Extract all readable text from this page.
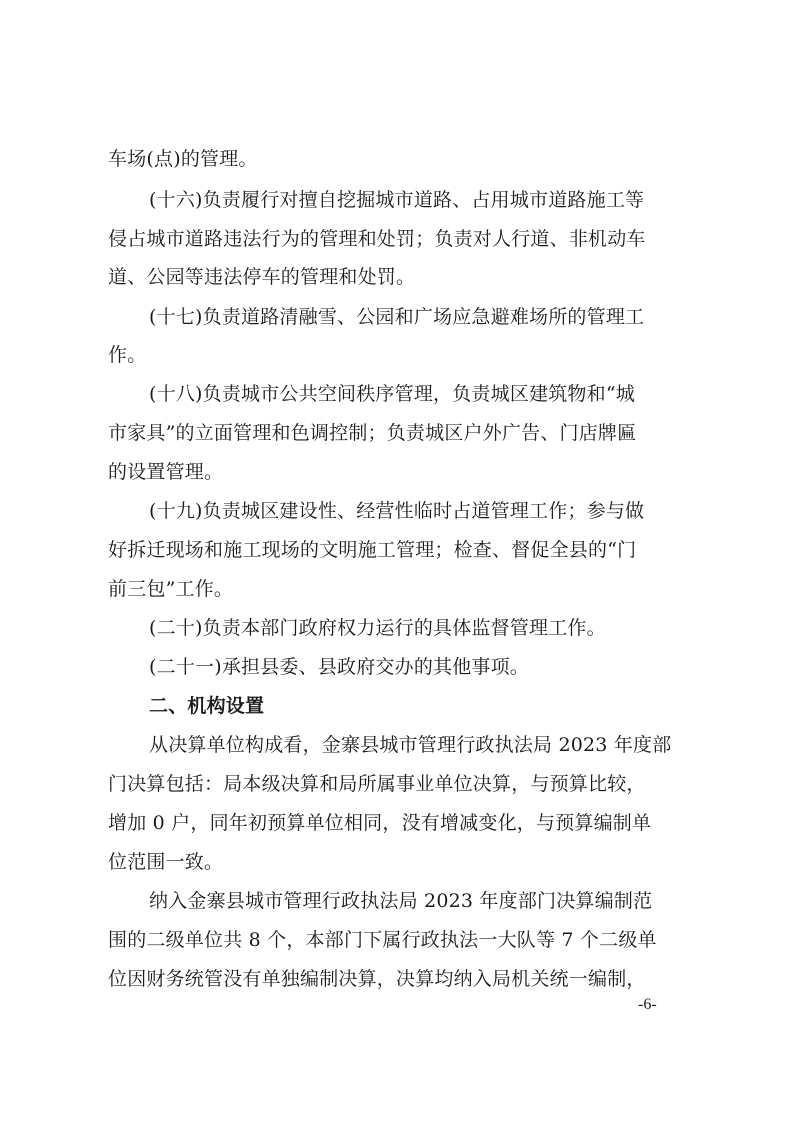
车场(点)的管理。
(十六)负责履行对擅自挖掘城市道路、占用城市道路施工等
侵占城市道路违法行为的管理和处罚；负责对人行道、非机动车
道、公园等违法停车的管理和处罚。
(十七)负责道路清融雪、公园和广场应急避难场所的管理工
作。
(十八)负责城市公共空间秩序管理，负责城区建筑物和“城
市家具”的立面管理和色调控制；负责城区户外广告、门店牌匾
的设置管理。
(十九)负责城区建设性、经营性临时占道管理工作；参与做
好拆迁现场和施工现场的文明施工管理；检查、督促全县的“门
前三包”工作。
(二十)负责本部门政府权力运行的具体监督管理工作。
(二十一)承担县委、县政府交办的其他事项。
二、机构设置
从决算单位构成看，金寨县城市管理行政执法局 2023 年度部
门决算包括：局本级决算和局所属事业单位决算，与预算比较，
增加 0 户，同年初预算单位相同，没有增减变化，与预算编制单
位范围一致。
纳入金寨县城市管理行政执法局 2023 年度部门决算编制范
围的二级单位共 8 个，本部门下属行政执法一大队等 7 个二级单
位因财务统管没有单独编制决算，决算均纳入局机关统一编制，
-6-
